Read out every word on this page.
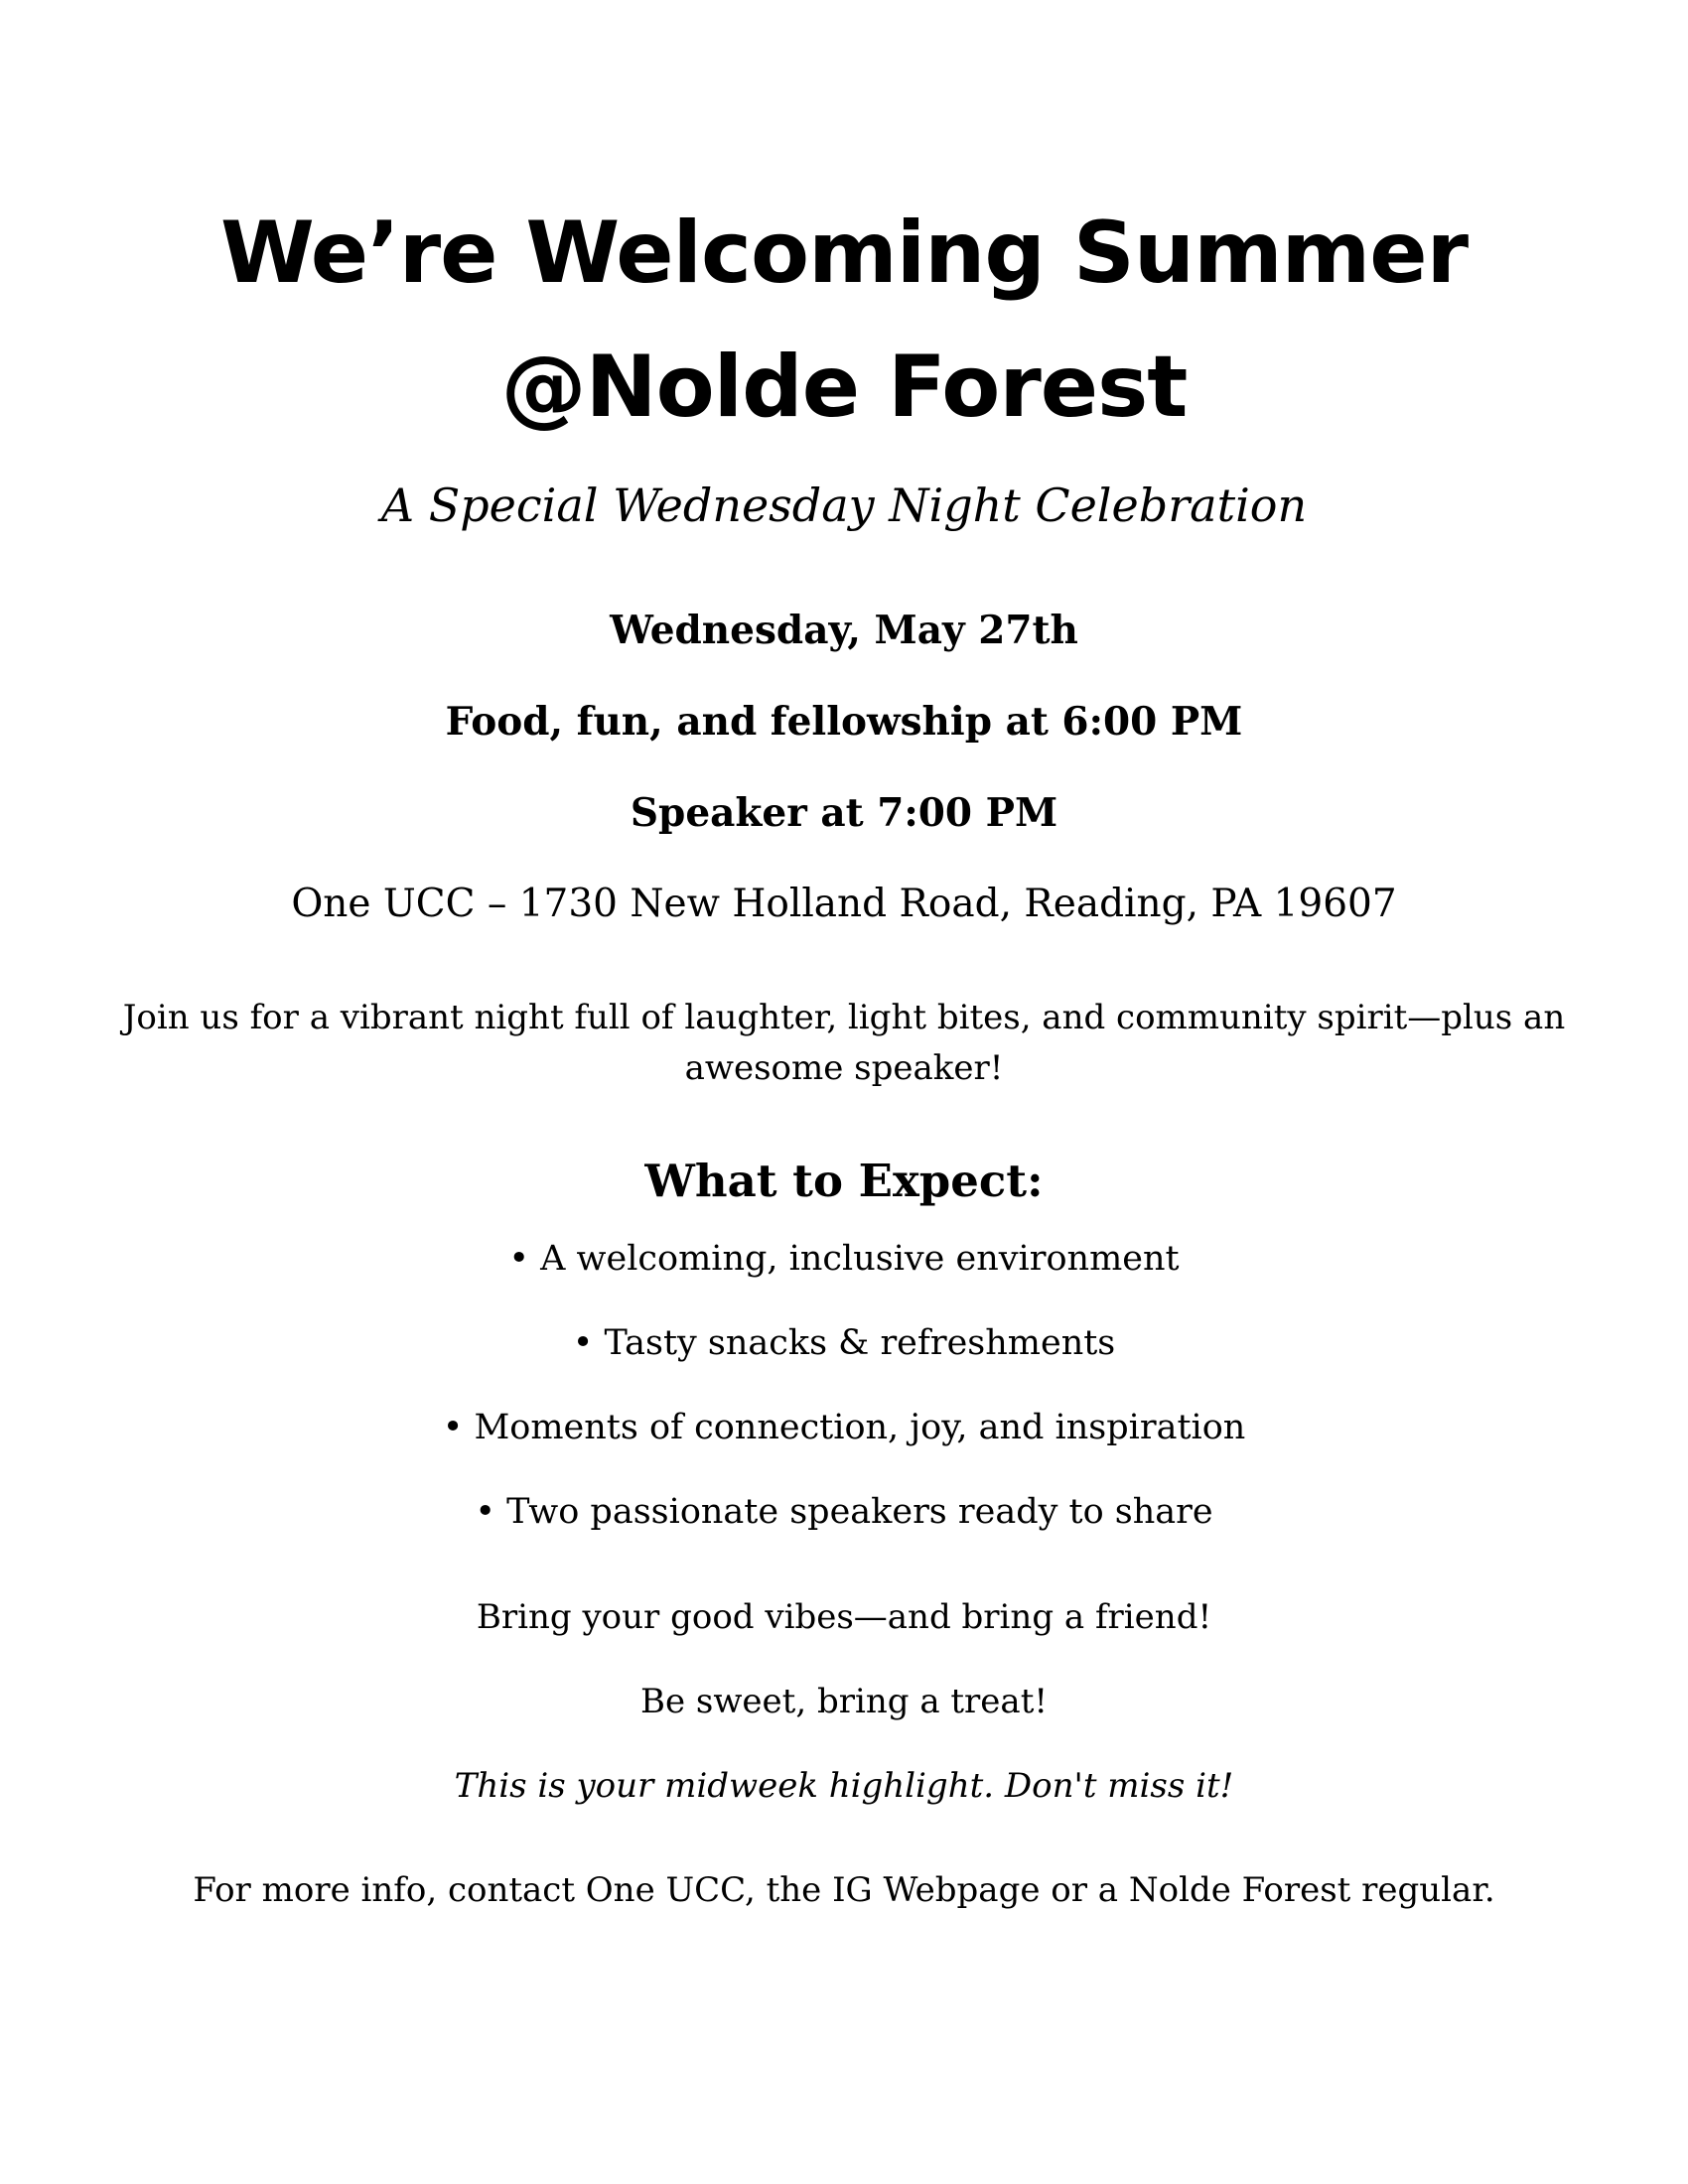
We’re Welcoming Summer
@Nolde Forest
A Special Wednesday Night Celebration
Wednesday, May 27th
Food, fun, and fellowship at 6:00 PM
Speaker at 7:00 PM
One UCC – 1730 New Holland Road, Reading, PA 19607
Join us for a vibrant night full of laughter, light bites, and community spirit—plus an
awesome speaker!
What to Expect:
• A welcoming, inclusive environment
• Tasty snacks & refreshments
• Moments of connection, joy, and inspiration
• Two passionate speakers ready to share
Bring your good vibes—and bring a friend!
Be sweet, bring a treat!
This is your midweek highlight. Don't miss it!
For more info, contact One UCC, the IG Webpage or a Nolde Forest regular.
